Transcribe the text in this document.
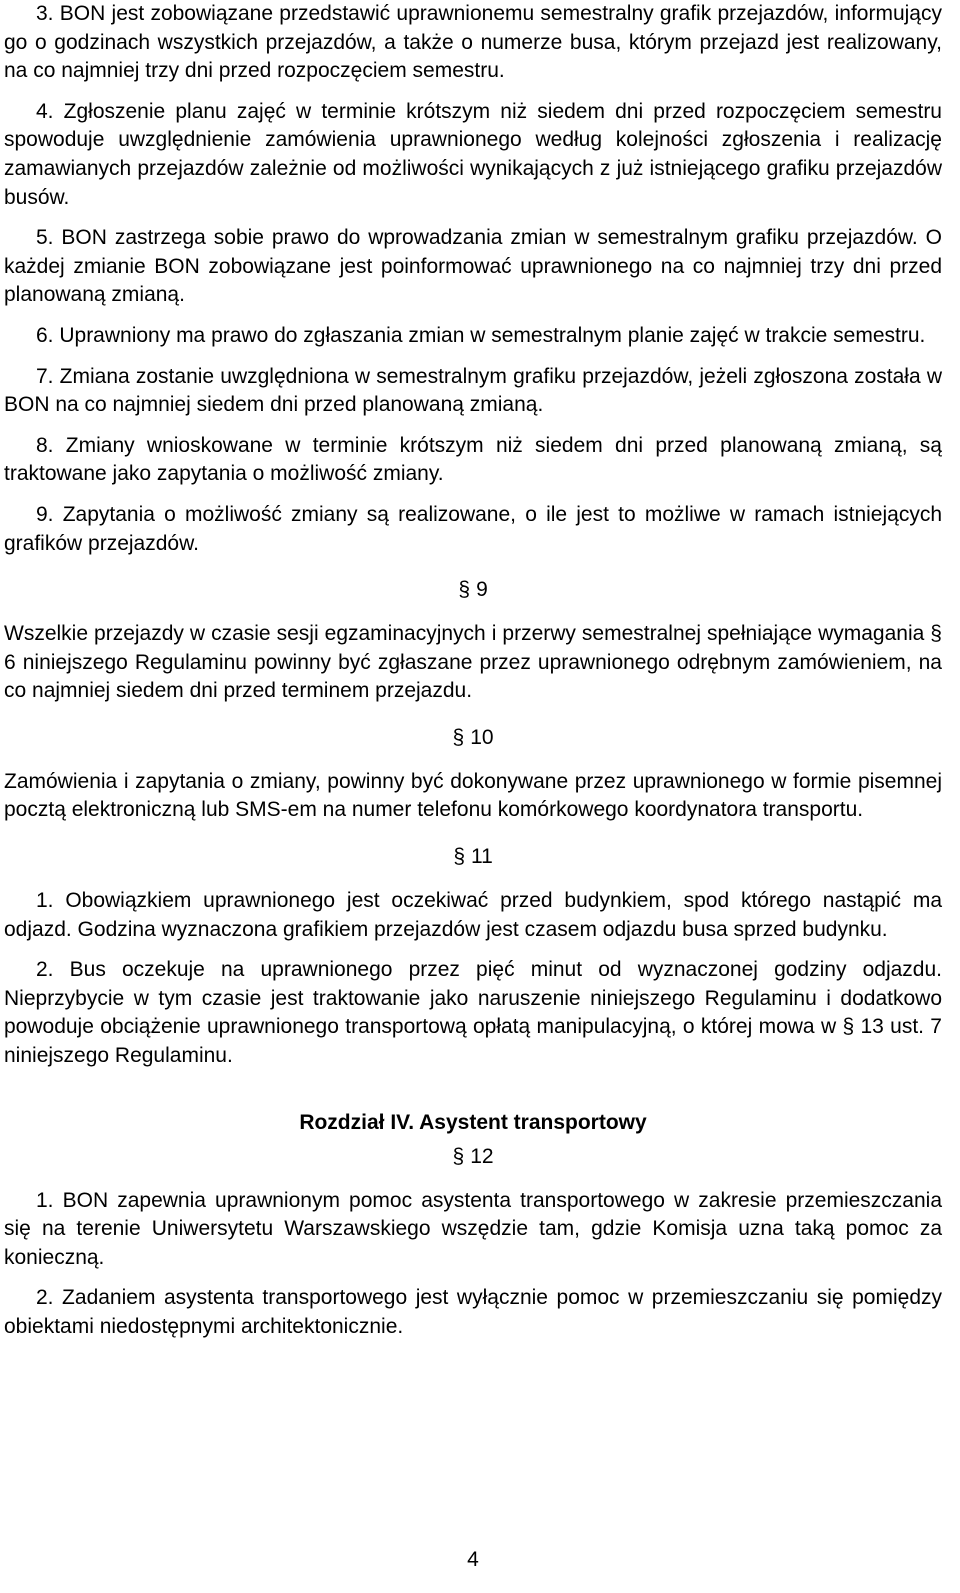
3. BON jest zobowiązane przedstawić uprawnionemu semestralny grafik przejazdów, informujący go o godzinach wszystkich przejazdów, a także o numerze busa, którym przejazd jest realizowany, na co najmniej trzy dni przed rozpoczęciem semestru.

4. Zgłoszenie planu zajęć w terminie krótszym niż siedem dni przed rozpoczęciem semestru spowoduje uwzględnienie zamówienia uprawnionego według kolejności zgłoszenia i realizację zamawianych przejazdów zależnie od możliwości wynikających z już istniejącego grafiku przejazdów busów.

5. BON zastrzega sobie prawo do wprowadzania zmian w semestralnym grafiku przejazdów. O każdej zmianie BON zobowiązane jest poinformować uprawnionego na co najmniej trzy dni przed planowaną zmianą.

6. Uprawniony ma prawo do zgłaszania zmian w semestralnym planie zajęć w trakcie semestru.

7. Zmiana zostanie uwzględniona w semestralnym grafiku przejazdów, jeżeli zgłoszona została w BON na co najmniej siedem dni przed planowaną zmianą.

8. Zmiany wnioskowane w terminie krótszym niż siedem dni przed planowaną zmianą, są traktowane jako zapytania o możliwość zmiany.

9. Zapytania o możliwość zmiany są realizowane, o ile jest to możliwe w ramach istniejących grafików przejazdów.

§ 9

Wszelkie przejazdy w czasie sesji egzaminacyjnych i przerwy semestralnej spełniające wymagania § 6 niniejszego Regulaminu powinny być zgłaszane przez uprawnionego odrębnym zamówieniem, na co najmniej siedem dni przed terminem przejazdu.

§ 10

Zamówienia i zapytania o zmiany, powinny być dokonywane przez uprawnionego w formie pisemnej pocztą elektroniczną lub SMS-em na numer telefonu komórkowego koordynatora transportu.

§ 11

1. Obowiązkiem uprawnionego jest oczekiwać przed budynkiem, spod którego nastąpić ma odjazd. Godzina wyznaczona grafikiem przejazdów jest czasem odjazdu busa sprzed budynku.

2. Bus oczekuje na uprawnionego przez pięć minut od wyznaczonej godziny odjazdu. Nieprzybycie w tym czasie jest traktowanie jako naruszenie niniejszego Regulaminu i dodatkowo powoduje obciążenie uprawnionego transportową opłatą manipulacyjną, o której mowa w § 13 ust. 7 niniejszego Regulaminu.

Rozdział IV. Asystent transportowy
§ 12

1. BON zapewnia uprawnionym pomoc asystenta transportowego w zakresie przemieszczania się na terenie Uniwersytetu Warszawskiego wszędzie tam, gdzie Komisja uzna taką pomoc za konieczną.

2. Zadaniem asystenta transportowego jest wyłącznie pomoc w przemieszczaniu się pomiędzy obiektami niedostępnymi architektonicznie.

4
